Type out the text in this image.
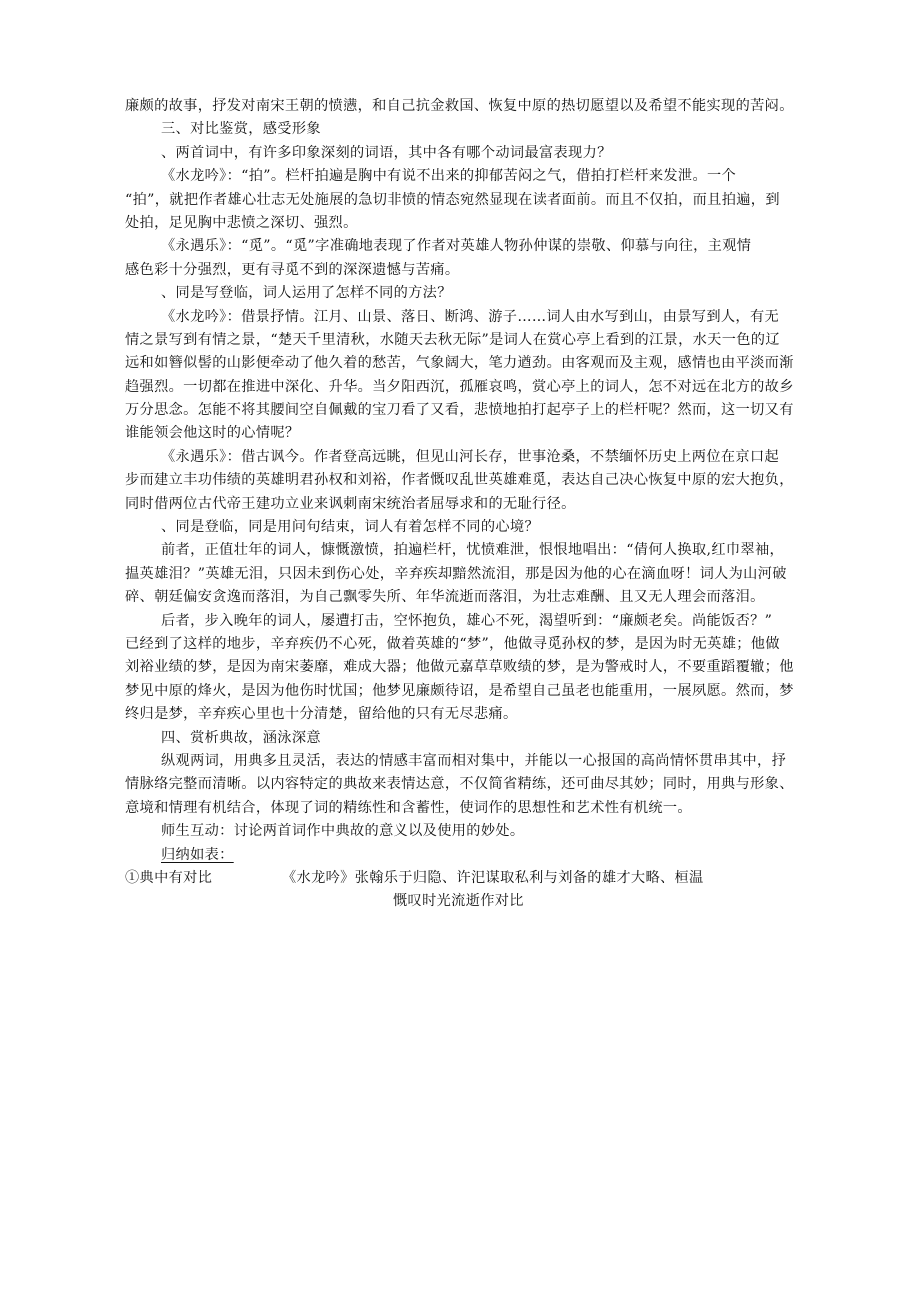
廉颇的故事，抒发对南宋王朝的愤懑，和自己抗金救国、恢复中原的热切愿望以及希望不能实现的苦闷。
三、对比鉴赏，感受形象
、两首词中，有许多印象深刻的词语，其中各有哪个动词最富表现力？
《水龙吟》：“拍”。栏杆拍遍是胸中有说不出来的抑郁苦闷之气，借拍打栏杆来发泄。一个
“拍”，就把作者雄心壮志无处施展的急切非愤的情态宛然显现在读者面前。而且不仅拍，而且拍遍，到
处拍，足见胸中悲愤之深切、强烈。
《永遇乐》：“觅”。“觅”字准确地表现了作者对英雄人物孙仲谋的崇敬、仰慕与向往，主观情
感色彩十分强烈，更有寻觅不到的深深遗憾与苦痛。
、同是写登临，词人运用了怎样不同的方法？
《水龙吟》：借景抒情。江月、山景、落日、断鸿、游子……词人由水写到山，由景写到人，有无
情之景写到有情之景，“楚天千里清秋，水随天去秋无际”是词人在赏心亭上看到的江景，水天一色的辽
远和如簪似髻的山影便牵动了他久着的愁苦，气象阔大，笔力遒劲。由客观而及主观，感情也由平淡而渐
趋强烈。一切都在推进中深化、升华。当夕阳西沉，孤雁哀鸣，赏心亭上的词人，怎不对远在北方的故乡
万分思念。怎能不将其腰间空自佩戴的宝刀看了又看，悲愤地拍打起亭子上的栏杆呢？然而，这一切又有
谁能领会他这时的心情呢？
《永遇乐》：借古讽今。作者登高远眺，但见山河长存，世事沧桑，不禁缅怀历史上两位在京口起
步而建立丰功伟绩的英雄明君孙权和刘裕，作者慨叹乱世英雄难觅，表达自己决心恢复中原的宏大抱负，
同时借两位古代帝王建功立业来讽刺南宋统治者屈辱求和的无耻行径。
、同是登临，同是用问句结束，词人有着怎样不同的心境？
前者，正值壮年的词人，慷慨激愤，拍遍栏杆，忧愤难泄，恨恨地唱出：“倩何人换取,红巾翠袖，
揾英雄泪？”英雄无泪，只因未到伤心处，辛弃疾却黯然流泪，那是因为他的心在滴血呀！词人为山河破
碎、朝廷偏安贪逸而落泪，为自己飘零失所、年华流逝而落泪，为壮志难酬、且又无人理会而落泪。
后者，步入晚年的词人，屡遭打击，空怀抱负，雄心不死，渴望听到：“廉颇老矣。尚能饭否？”
已经到了这样的地步，辛弃疾仍不心死，做着英雄的“梦”，他做寻觅孙权的梦，是因为时无英雄；他做
刘裕业绩的梦，是因为南宋萎靡，难成大器；他做元嘉草草败绩的梦，是为警戒时人，不要重蹈覆辙；他
梦见中原的烽火，是因为他伤时忧国；他梦见廉颇待诏，是希望自己虽老也能重用，一展夙愿。然而，梦
终归是梦，辛弃疾心里也十分清楚，留给他的只有无尽悲痛。
四、赏析典故，涵泳深意
纵观两词，用典多且灵活，表达的情感丰富而相对集中，并能以一心报国的高尚情怀贯串其中，抒
情脉络完整而清晰。以内容特定的典故来表情达意，不仅简省精练，还可曲尽其妙；同时，用典与形象、
意境和情理有机结合，体现了词的精练性和含蓄性，使词作的思想性和艺术性有机统一。
师生互动：讨论两首词作中典故的意义以及使用的妙处。
归纳如表：
①典中有对比	《水龙吟》张翰乐于归隐、许汜谋取私利与刘备的雄才大略、桓温
慨叹时光流逝作对比
